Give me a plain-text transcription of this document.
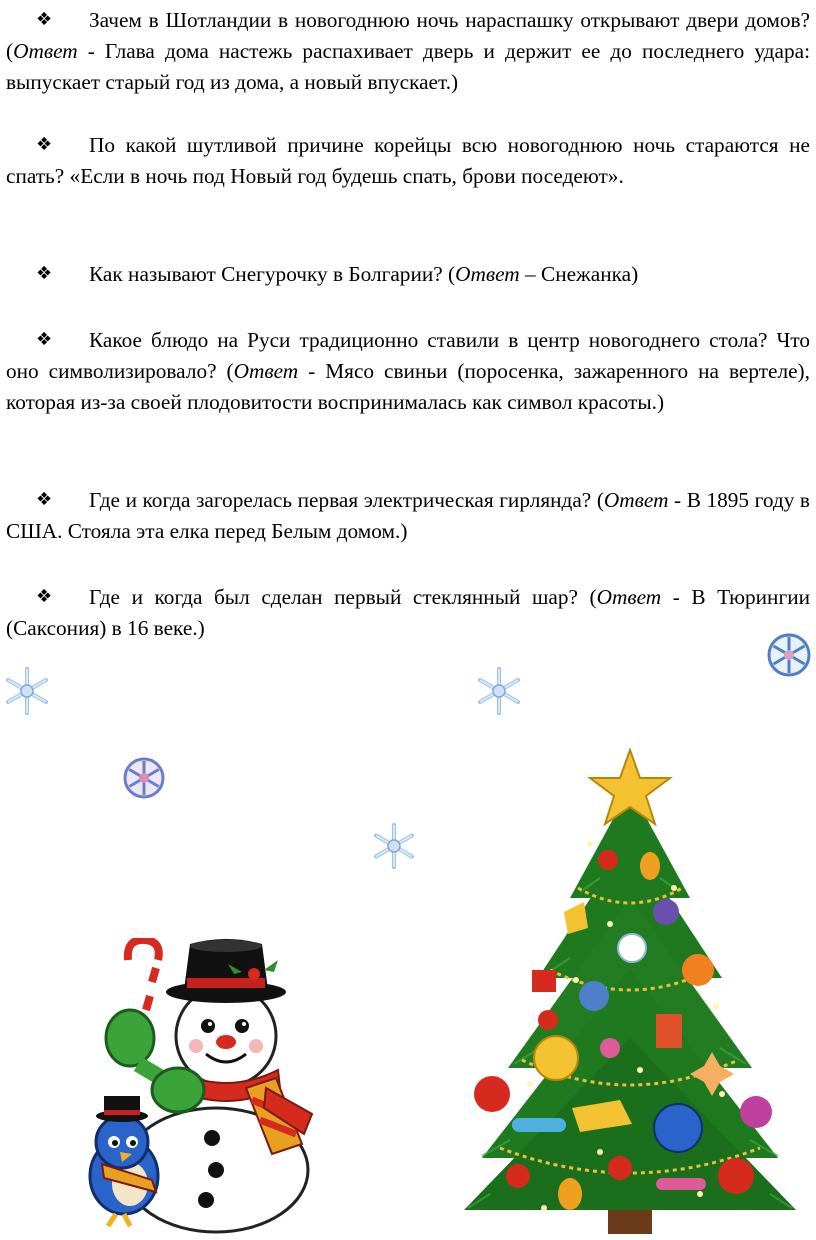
❖ Зачем в Шотландии в новогоднюю ночь нараспашку открывают двери домов? (Ответ - Глава дома настежь распахивает дверь и держит ее до последнего удара: выпускает старый год из дома, а новый впускает.)

❖ По какой шутливой причине корейцы всю новогоднюю ночь стараются не спать? «Если в ночь под Новый год будешь спать, брови поседеют».

❖ Как называют Снегурочку в Болгарии? (Ответ – Снежанка)

❖ Какое блюдо на Руси традиционно ставили в центр новогоднего стола? Что оно символизировало? (Ответ - Мясо свиньи (поросенка, зажаренного на вертеле), которая из-за своей плодовитости воспринималась как символ красоты.)

❖ Где и когда загорелась первая электрическая гирлянда? (Ответ - В 1895 году в США. Стояла эта елка перед Белым домом.)

❖ Где и когда был сделан первый стеклянный шар? (Ответ - В Тюрингии (Саксония) в 16 веке.)
